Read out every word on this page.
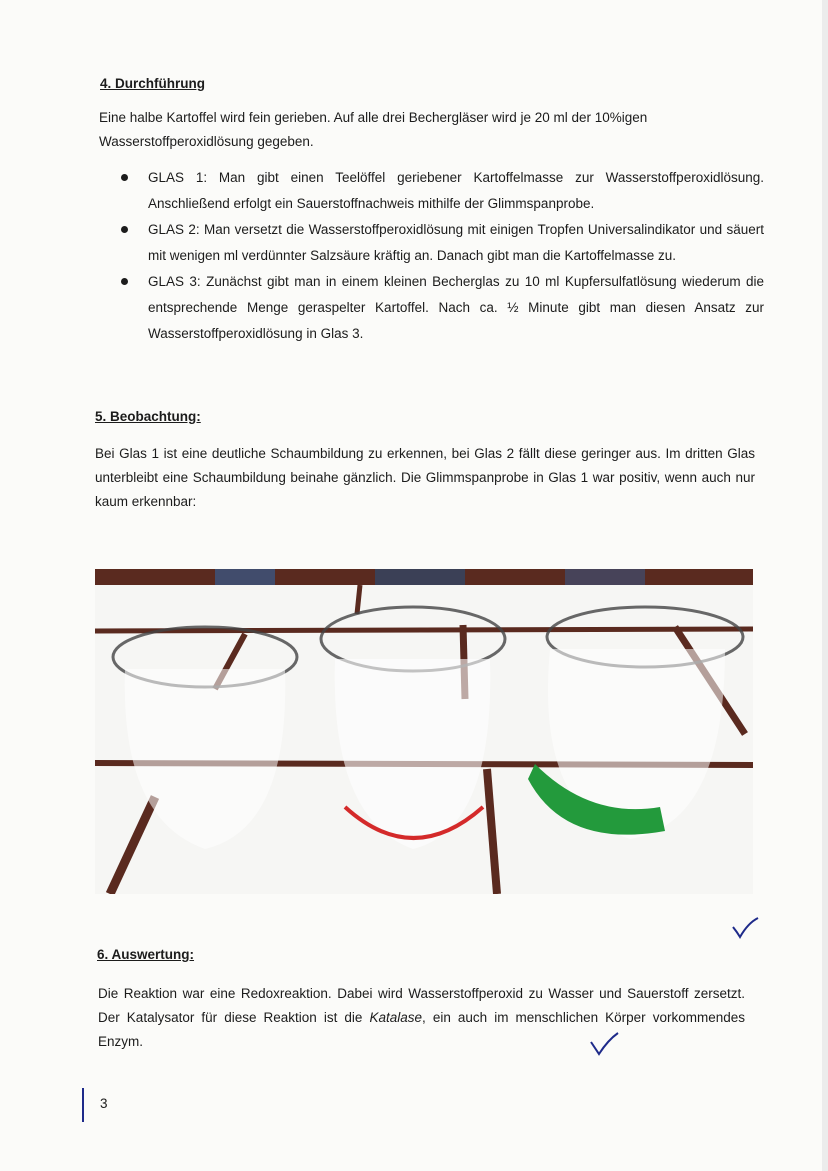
4. Durchführung
Eine halbe Kartoffel wird fein gerieben. Auf alle drei Bechergläser wird je 20 ml der 10%igen Wasserstoffperoxidlösung gegeben.
GLAS 1: Man gibt einen Teelöffel geriebener Kartoffelmasse zur Wasserstoffperoxidlösung. Anschließend erfolgt ein Sauerstoffnachweis mithilfe der Glimmspanprobe.
GLAS 2: Man versetzt die Wasserstoffperoxidlösung mit einigen Tropfen Universalindikator und säuert mit wenigen ml verdünnter Salzsäure kräftig an. Danach gibt man die Kartoffelmasse zu.
GLAS 3: Zunächst gibt man in einem kleinen Becherglas zu 10 ml Kupfersulfatlösung wiederum die entsprechende Menge geraspelter Kartoffel. Nach ca. ½ Minute gibt man diesen Ansatz zur Wasserstoffperoxidlösung in Glas 3.
5. Beobachtung:
Bei Glas 1 ist eine deutliche Schaumbildung zu erkennen, bei Glas 2 fällt diese geringer aus. Im dritten Glas unterbleibt eine Schaumbildung beinahe gänzlich. Die Glimmspanprobe in Glas 1 war positiv, wenn auch nur kaum erkennbar:
6. Auswertung:
Die Reaktion war eine Redoxreaktion. Dabei wird Wasserstoffperoxid zu Wasser und Sauerstoff zersetzt. Der Katalysator für diese Reaktion ist die Katalase, ein auch im menschlichen Körper vorkommendes Enzym.
3
